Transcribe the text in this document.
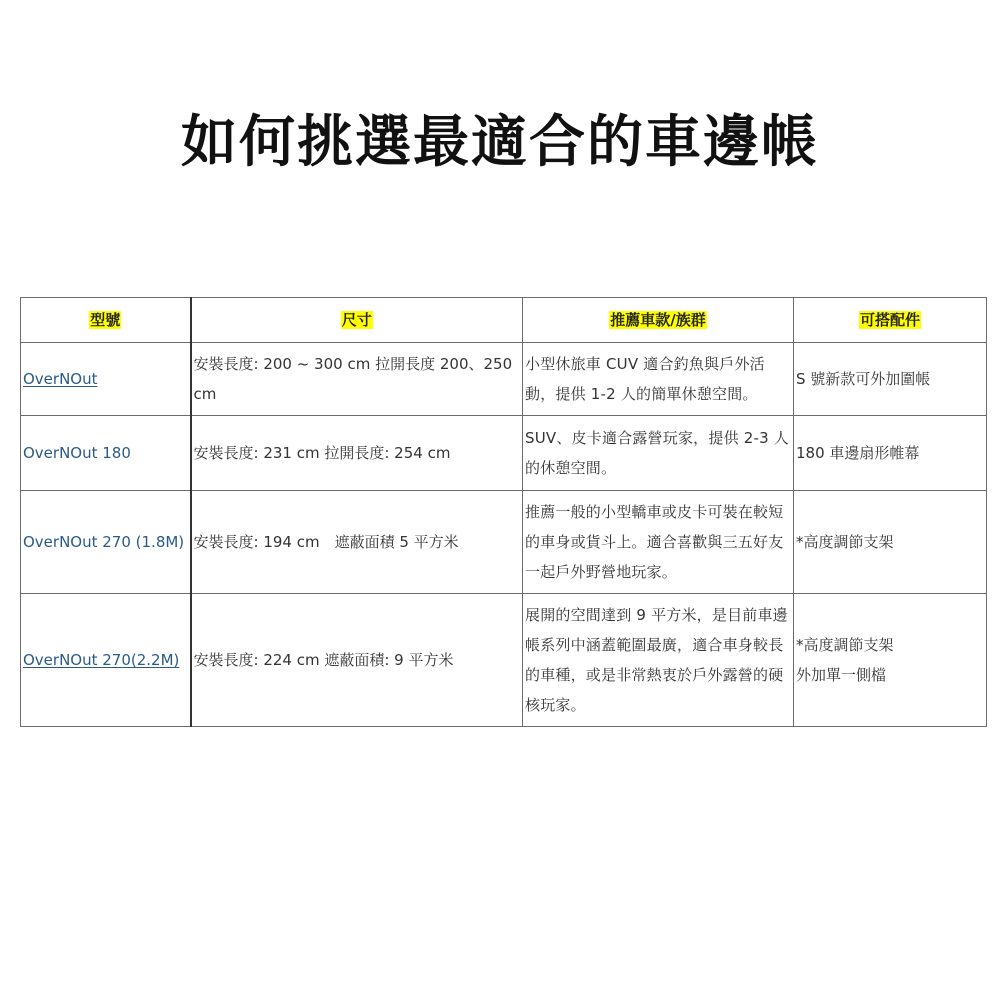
如何挑選最適合的車邊帳
型號	尺寸	推薦車款/族群	可搭配件
OverNOut	安裝長度: 200 ~ 300 cm 拉開長度 200、250 cm	小型休旅車 CUV 適合釣魚與戶外活動，提供 1-2 人的簡單休憩空間。	S 號新款可外加圍帳

OverNOut 180	安裝長度: 231 cm 拉開長度: 254 cm	SUV、皮卡適合露營玩家，提供 2-3 人的休憩空間。	180 車邊扇形帷幕

OverNOut 270 (1.8M)	安裝長度: 194 cm　遮蔽面積 5 平方米	推薦一般的小型轎車或皮卡可裝在較短的車身或貨斗上。適合喜歡與三五好友一起戶外野營地玩家。	*高度調節支架

OverNOut 270(2.2M)	安裝長度: 224 cm 遮蔽面積: 9 平方米	展開的空間達到 9 平方米，是目前車邊帳系列中涵蓋範圍最廣，適合車身較長的車種，或是非常熱衷於戶外露營的硬核玩家。	*高度調節支架
外加單一側檔
